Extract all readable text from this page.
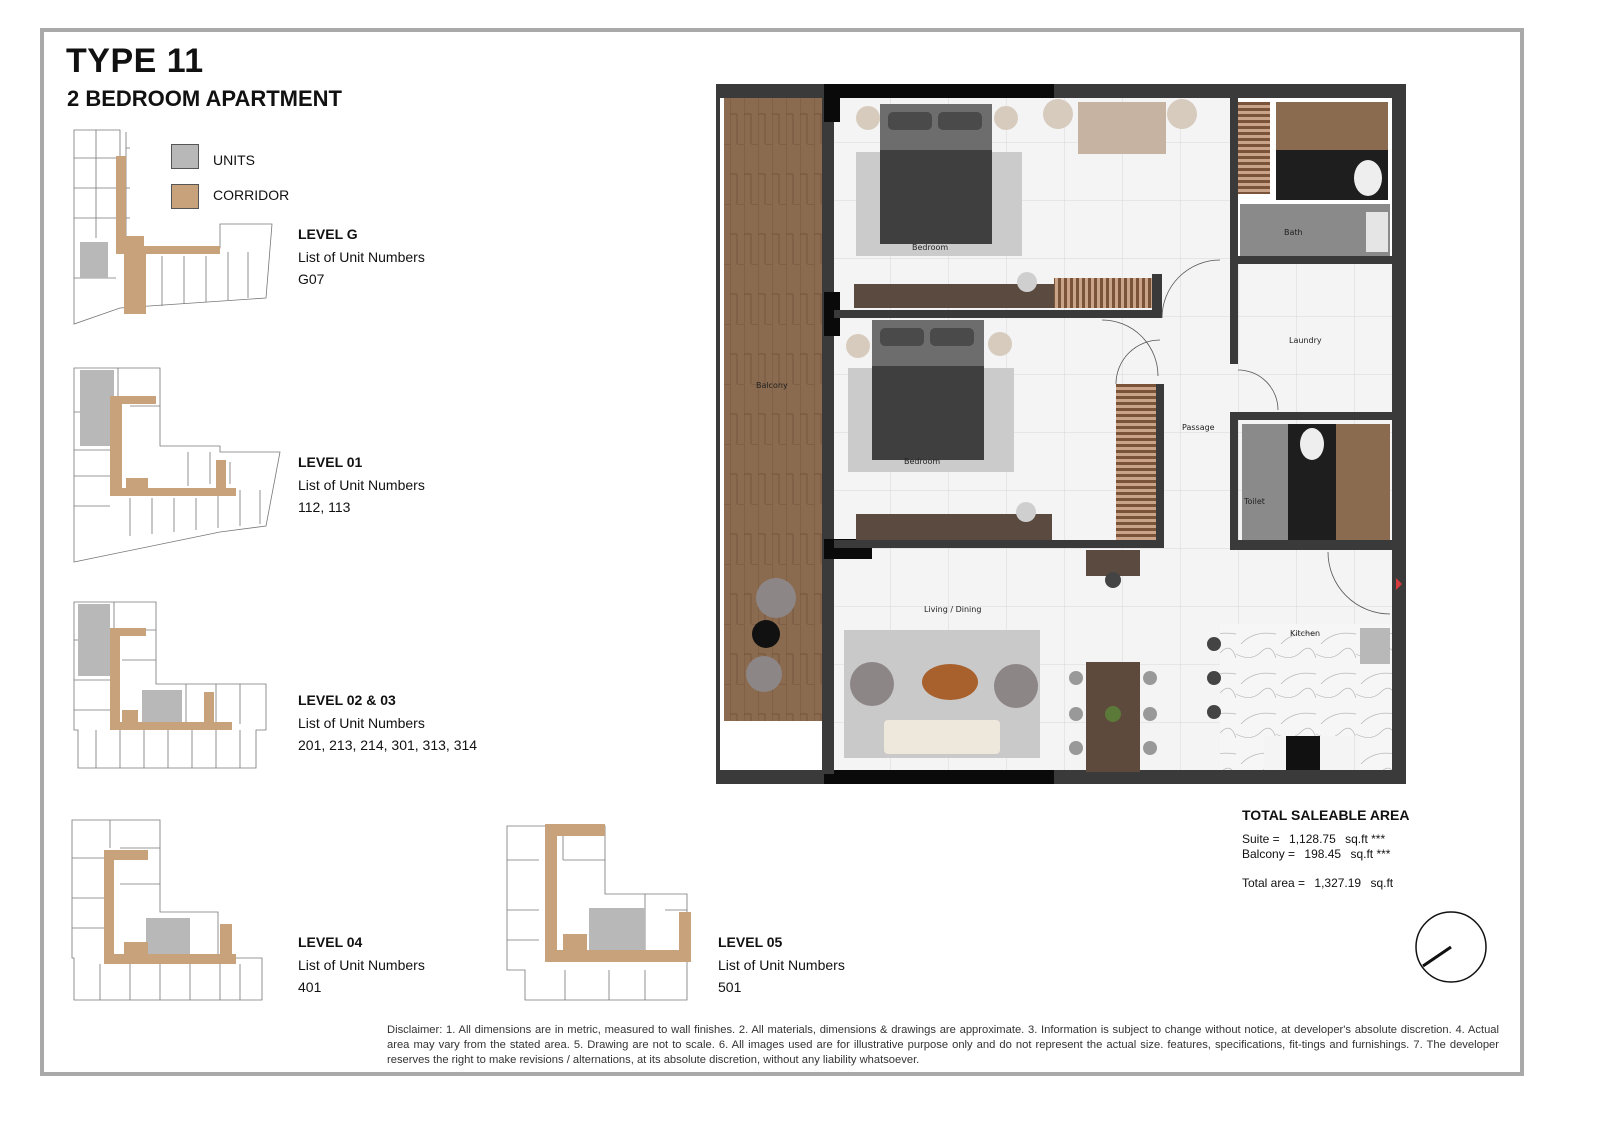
TYPE 11
2 BEDROOM APARTMENT
UNITS
CORRIDOR
LEVEL G
List of Unit Numbers
G07
LEVEL 01
List of Unit Numbers
112, 113
LEVEL 02 & 03
List of Unit Numbers
201, 213, 214, 301, 313, 314
LEVEL 04
List of Unit Numbers
401
LEVEL 05
List of Unit Numbers
501
Balcony
Bedroom
Bedroom
Bath
Laundry
Toilet
Passage
Living / Dining
Kitchen
TOTAL SALEABLE AREA
Suite = 1,128.75 sq.ft ***
Balcony = 198.45 sq.ft ***
Total area = 1,327.19 sq.ft
Disclaimer: 1. All dimensions are in metric, measured to wall finishes. 2. All materials, dimensions & drawings are approximate. 3. Information is subject to change without notice, at developer's absolute discretion. 4. Actual area may vary from the stated area. 5. Drawing are not to scale. 6. All images used are for illustrative purpose only and do not represent the actual size. features, specifications, fit-tings and furnishings. 7. The developer reserves the right to make revisions / alternations, at its absolute discretion, without any liability whatsoever.
